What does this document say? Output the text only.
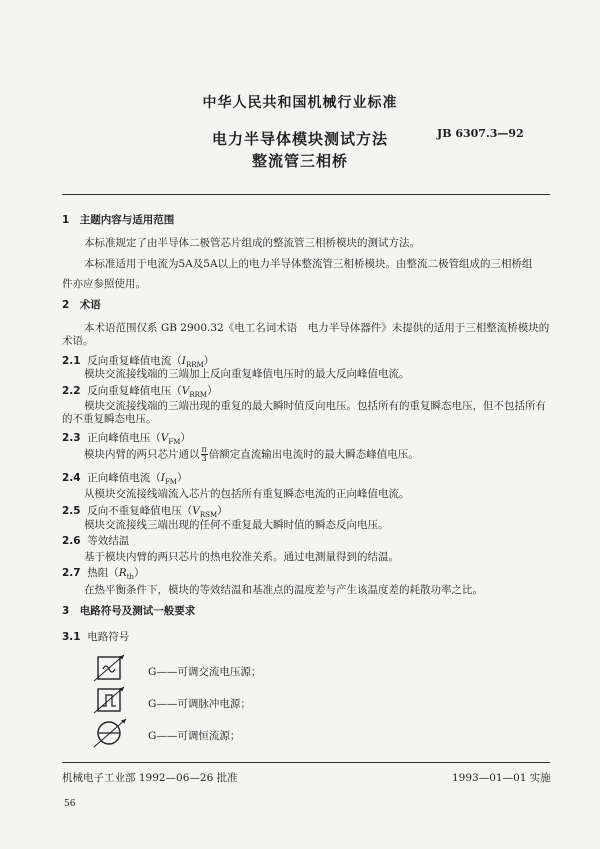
中华人民共和国机械行业标准
电力半导体模块测试方法
整流管三相桥
JB 6307.3—92
1　主题内容与适用范围
本标准规定了由半导体二极管芯片组成的整流管三相桥模块的测试方法。
本标准适用于电流为5A及5A以上的电力半导体整流管三相桥模块。由整流二极管组成的三相桥组
件亦应参照使用。
2　术语
本术语范围仅系 GB 2900.32《电工名词术语　电力半导体器件》未提供的适用于三相整流桥模块的
术语。
2.1 反向重复峰值电流$(I_{RRM})$
模块交流接线端的三端加上反向重复峰值电压时的最大反向峰值电流。
2.2 反向重复峰值电压$(V_{RRM})$
模块交流接线端的三端出现的重复的最大瞬时值反向电压。包括所有的重复瞬态电压，但不包括所有
的不重复瞬态电压。
2.3 正向峰值电压$(V_{FM})$
模块内臂的两只芯片通以 $\frac{\pi}{3}$ 倍额定直流输出电流时的最大瞬态峰值电压。
2.4 正向峰值电流$(I_{FM})$
从模块交流接线端流入芯片的包括所有重复瞬态电流的正向峰值电流。
2.5 反向不重复峰值电压$(V_{RSM})$
模块交流接线三端出现的任何不重复最大瞬时值的瞬态反向电压。
2.6 等效结温
基于模块内臂的两只芯片的热电狡准关系。通过电测量得到的结温。
2.7 热阻$(R_{th})$
在热平衡条件下，模块的等效结温和基准点的温度差与产生该温度差的耗散功率之比。
3　电路符号及测试一般要求
3.1 电路符号
G——可调交流电压源；
G——可调脉冲电源；
G——可调恒流源；
机械电子工业部 1992—06—26 批准	1993—01—01 实施
56
